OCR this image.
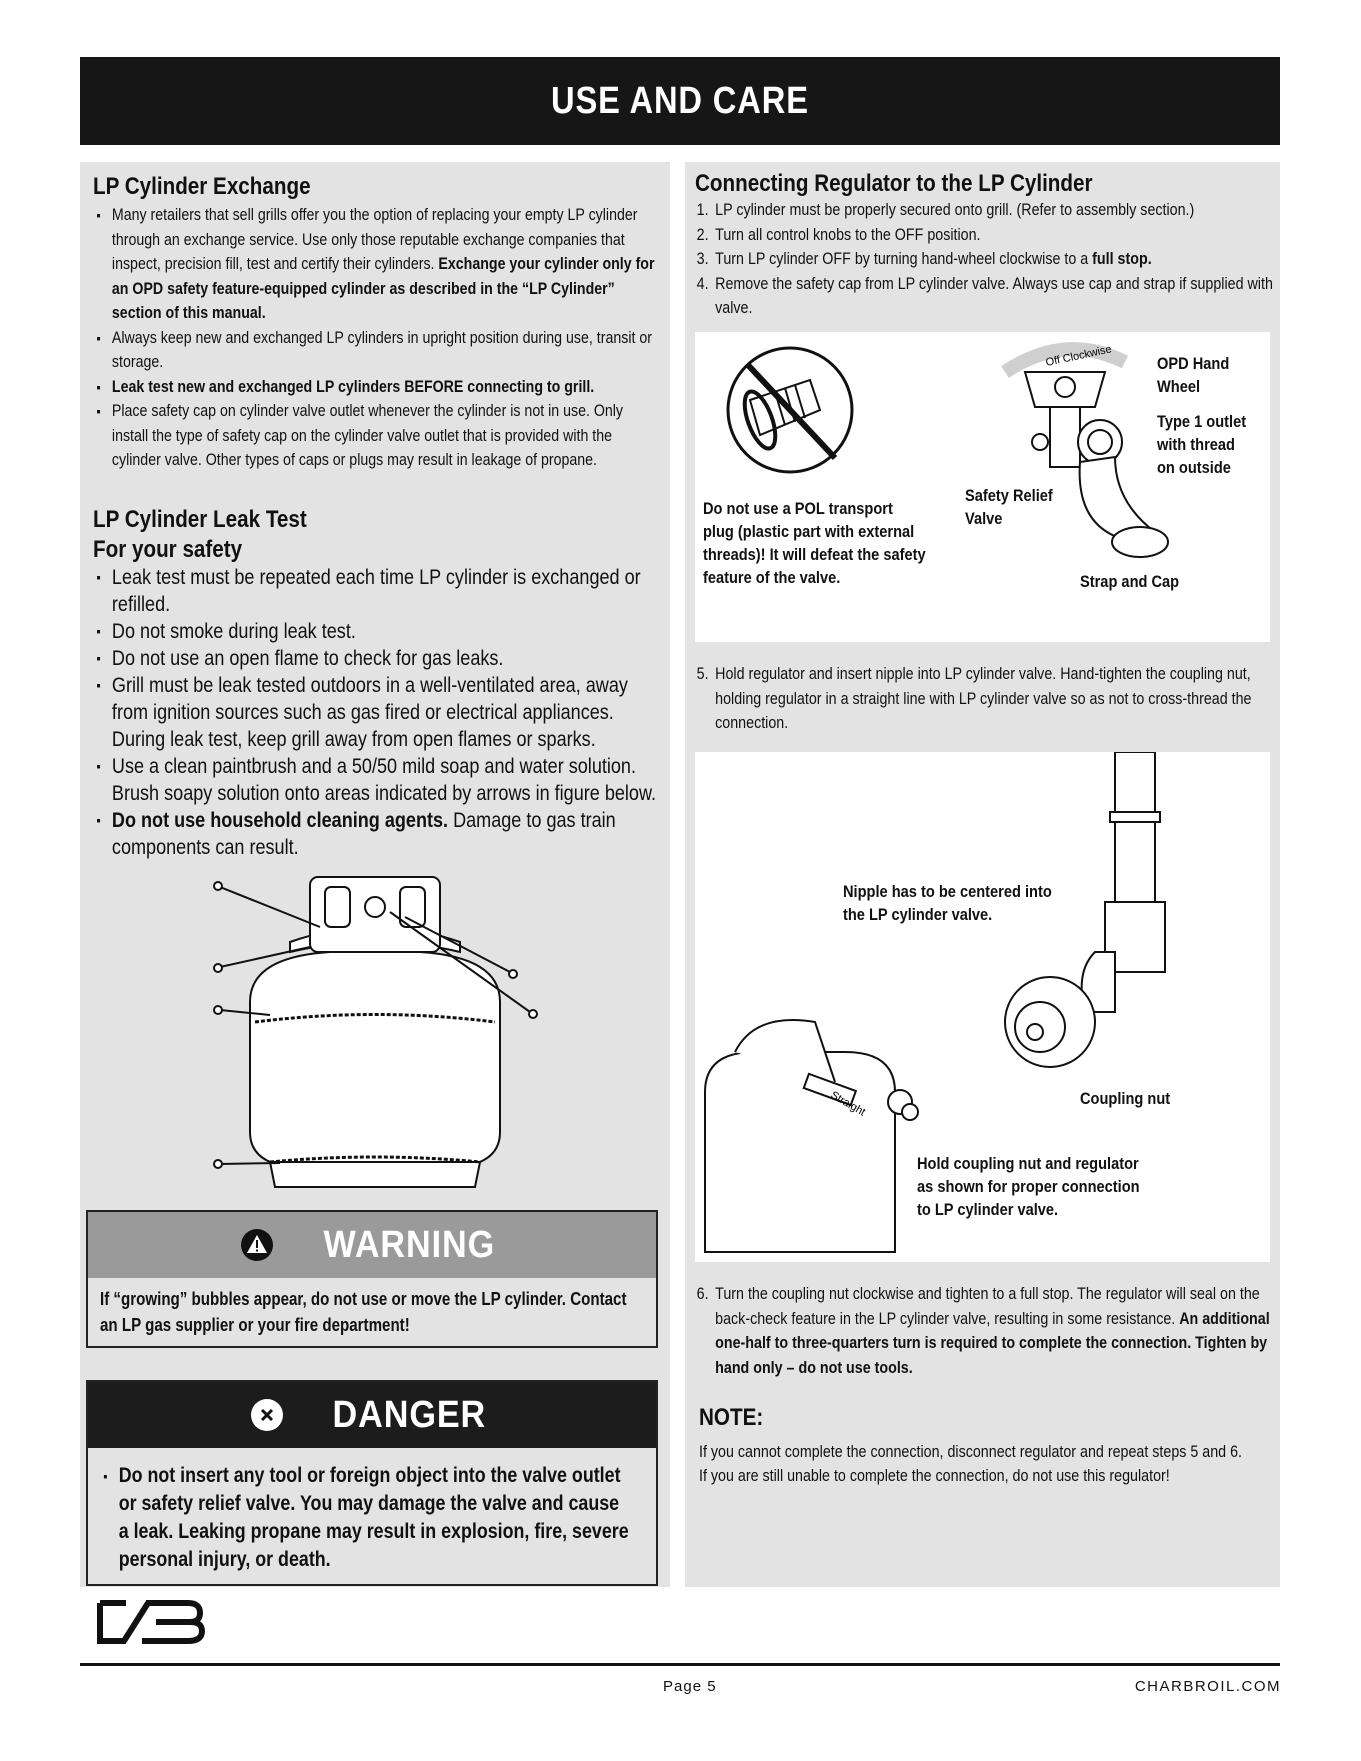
USE AND CARE
LP Cylinder Exchange
▪ Many retailers that sell grills offer you the option of replacing your empty LP cylinder through an exchange service. Use only those reputable exchange companies that inspect, precision fill, test and certify their cylinders. Exchange your cylinder only for an OPD safety feature-equipped cylinder as described in the “LP Cylinder” section of this manual.
▪ Always keep new and exchanged LP cylinders in upright position during use, transit or storage.
▪ Leak test new and exchanged LP cylinders BEFORE connecting to grill.
▪ Place safety cap on cylinder valve outlet whenever the cylinder is not in use. Only install the type of safety cap on the cylinder valve outlet that is provided with the cylinder valve. Other types of caps or plugs may result in leakage of propane.
LP Cylinder Leak Test
For your safety
▪ Leak test must be repeated each time LP cylinder is exchanged or refilled.
▪ Do not smoke during leak test.
▪ Do not use an open flame to check for gas leaks.
▪ Grill must be leak tested outdoors in a well-ventilated area, away from ignition sources such as gas fired or electrical appliances. During leak test, keep grill away from open flames or sparks.
▪ Use a clean paintbrush and a 50/50 mild soap and water solution. Brush soapy solution onto areas indicated by arrows in figure below.
▪ Do not use household cleaning agents. Damage to gas train components can result.
WARNING
If “growing” bubbles appear, do not use or move the LP cylinder. Contact an LP gas supplier or your fire department!
DANGER
▪ Do not insert any tool or foreign object into the valve outlet or safety relief valve. You may damage the valve and cause a leak. Leaking propane may result in explosion, fire, severe personal injury, or death.
Connecting Regulator to the LP Cylinder
1. LP cylinder must be properly secured onto grill. (Refer to assembly section.)
2. Turn all control knobs to the OFF position.
3. Turn LP cylinder OFF by turning hand-wheel clockwise to a full stop.
4. Remove the safety cap from LP cylinder valve. Always use cap and strap if supplied with valve.
Do not use a POL transport plug (plastic part with external threads)! It will defeat the safety feature of the valve.
Off Clockwise	OPD Hand Wheel
Type 1 outlet with thread on outside
Safety Relief Valve
Strap and Cap
5. Hold regulator and insert nipple into LP cylinder valve. Hand-tighten the coupling nut, holding regulator in a straight line with LP cylinder valve so as not to cross-thread the connection.
Straight
Nipple has to be centered into the LP cylinder valve.
Coupling nut
Hold coupling nut and regulator as shown for proper connection to LP cylinder valve.
6. Turn the coupling nut clockwise and tighten to a full stop. The regulator will seal on the back-check feature in the LP cylinder valve, resulting in some resistance. An additional one-half to three-quarters turn is required to complete the connection. Tighten by hand only – do not use tools.
NOTE:
If you cannot complete the connection, disconnect regulator and repeat steps 5 and 6.
If you are still unable to complete the connection, do not use this regulator!
Page 5	CHARBROIL.COM
